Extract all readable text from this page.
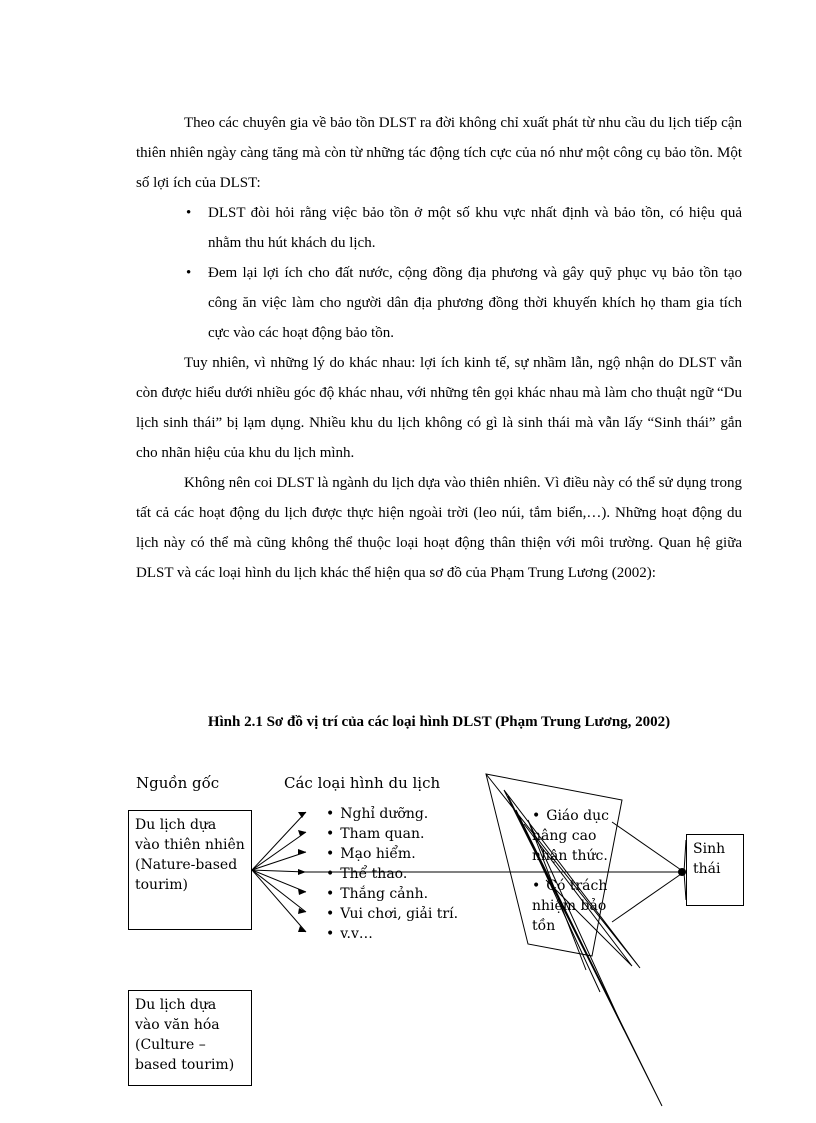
Theo các chuyên gia về bảo tồn DLST ra đời không chỉ xuất phát từ nhu cầu du lịch tiếp cận thiên nhiên ngày càng tăng mà còn từ những tác động tích cực của nó như một công cụ bảo tồn. Một số lợi ích của DLST:

• DLST đòi hỏi rằng việc bảo tồn ở một số khu vực nhất định và bảo tồn, có hiệu quả nhằm thu hút khách du lịch.
• Đem lại lợi ích cho đất nước, cộng đồng địa phương và gây quỹ phục vụ bảo tồn tạo công ăn việc làm cho người dân địa phương đồng thời khuyến khích họ tham gia tích cực vào các hoạt động bảo tồn.

Tuy nhiên, vì những lý do khác nhau: lợi ích kinh tế, sự nhầm lẫn, ngộ nhận do DLST vẫn còn được hiểu dưới nhiều góc độ khác nhau, với những tên gọi khác nhau mà làm cho thuật ngữ “Du lịch sinh thái” bị lạm dụng. Nhiều khu du lịch không có gì là sinh thái mà vẫn lấy “Sinh thái” gắn cho nhãn hiệu của khu du lịch mình.

Không nên coi DLST là ngành du lịch dựa vào thiên nhiên. Vì điều này có thể sử dụng trong tất cả các hoạt động du lịch được thực hiện ngoài trời (leo núi, tắm biển,…). Những hoạt động du lịch này có thể mà cũng không thể thuộc loại hoạt động thân thiện với môi trường. Quan hệ giữa DLST và các loại hình du lịch khác thể hiện qua sơ đồ của Phạm Trung Lương (2002):

Hình 2.1 Sơ đồ vị trí của các loại hình DLST (Phạm Trung Lương, 2002)
Nguồn gốc	Các loại hình du lịch
Du lịch dựa vào thiên nhiên (Nature-based tourim)
Du lịch dựa vào văn hóa (Culture – based tourim)
• Nghỉ dưỡng.
• Tham quan.
• Mạo hiểm.
• Thể thao.
• Thắng cảnh.
• Vui chơi, giải trí.
• v.v…
• Giáo dục nâng cao nhận thức.
• Có trách nhiệm bảo tồn
Sinh thái
